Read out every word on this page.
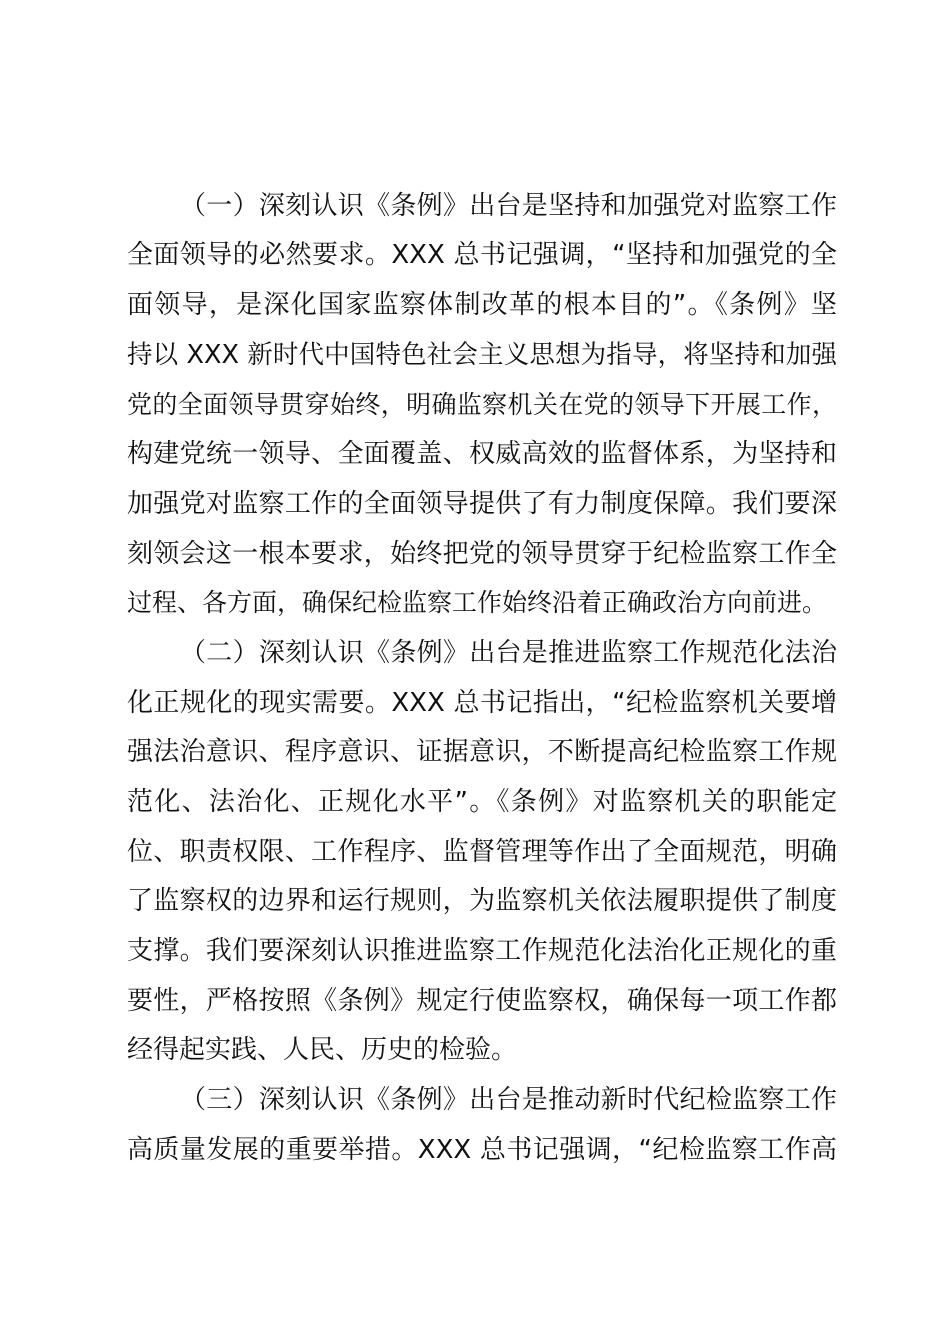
（一）深刻认识《条例》出台是坚持和加强党对监察工作
全面领导的必然要求。XXX 总书记强调，“坚持和加强党的全
面领导，是深化国家监察体制改革的根本目的”。《条例》坚
持以 XXX 新时代中国特色社会主义思想为指导，将坚持和加强
党的全面领导贯穿始终，明确监察机关在党的领导下开展工作，
构建党统一领导、全面覆盖、权威高效的监督体系，为坚持和
加强党对监察工作的全面领导提供了有力制度保障。我们要深
刻领会这一根本要求，始终把党的领导贯穿于纪检监察工作全
过程、各方面，确保纪检监察工作始终沿着正确政治方向前进。
（二）深刻认识《条例》出台是推进监察工作规范化法治
化正规化的现实需要。XXX 总书记指出，“纪检监察机关要增
强法治意识、程序意识、证据意识，不断提高纪检监察工作规
范化、法治化、正规化水平”。《条例》对监察机关的职能定
位、职责权限、工作程序、监督管理等作出了全面规范，明确
了监察权的边界和运行规则，为监察机关依法履职提供了制度
支撑。我们要深刻认识推进监察工作规范化法治化正规化的重
要性，严格按照《条例》规定行使监察权，确保每一项工作都
经得起实践、人民、历史的检验。
（三）深刻认识《条例》出台是推动新时代纪检监察工作
高质量发展的重要举措。XXX 总书记强调，“纪检监察工作高
